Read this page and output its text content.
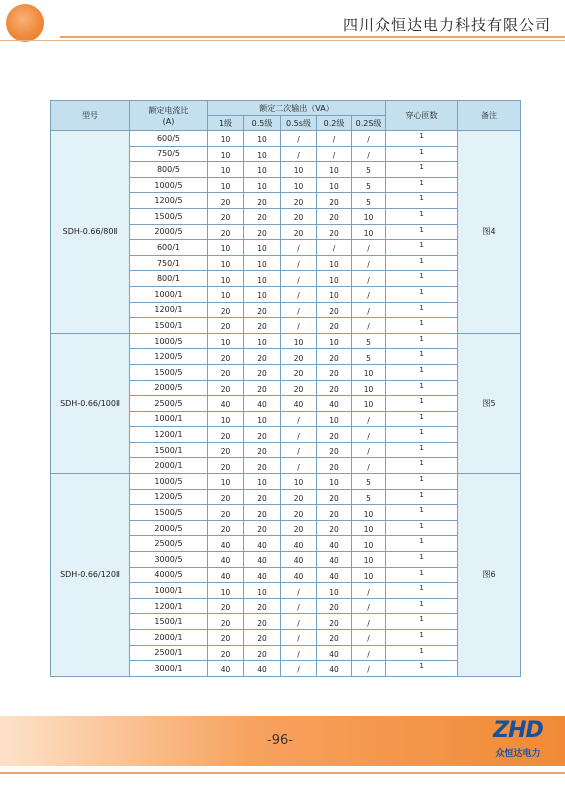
四川众恒达电力科技有限公司
型号	额定电流比
(A)	额定二次输出（VA）					穿心匝数	备注
		1级	0.5级	0.5s级	0.2级	0.2S级		
SDH-0.66/80Ⅱ	600/5	10	10	/	/	/	1	图4
	750/5	10	10	/	/	/	1	
	800/5	10	10	10	10	5	1	
	1000/5	10	10	10	10	5	1	
	1200/5	20	20	20	20	5	1	
	1500/5	20	20	20	20	10	1	
	2000/5	20	20	20	20	10	1	
	600/1	10	10	/	/	/	1	
	750/1	10	10	/	10	/	1	
	800/1	10	10	/	10	/	1	
	1000/1	10	10	/	10	/	1	
	1200/1	20	20	/	20	/	1	
	1500/1	20	20	/	20	/	1	
SDH-0.66/100Ⅱ	1000/5	10	10	10	10	5	1	图5
	1200/5	20	20	20	20	5	1	
	1500/5	20	20	20	20	10	1	
	2000/5	20	20	20	20	10	1	
	2500/5	40	40	40	40	10	1	
	1000/1	10	10	/	10	/	1	
	1200/1	20	20	/	20	/	1	
	1500/1	20	20	/	20	/	1	
	2000/1	20	20	/	20	/	1	
SDH-0.66/120Ⅱ	1000/5	10	10	10	10	5	1	图6
	1200/5	20	20	20	20	5	1	
	1500/5	20	20	20	20	10	1	
	2000/5	20	20	20	20	10	1	
	2500/5	40	40	40	40	10	1	
	3000/5	40	40	40	40	10	1	
	4000/5	40	40	40	40	10	1	
	1000/1	10	10	/	10	/	1	
	1200/1	20	20	/	20	/	1	
	1500/1	20	20	/	20	/	1	
	2000/1	20	20	/	20	/	1	
	2500/1	20	20	/	40	/	1	
	3000/1	40	40	/	40	/	1	
-96-	ZHD
众恒达电力
